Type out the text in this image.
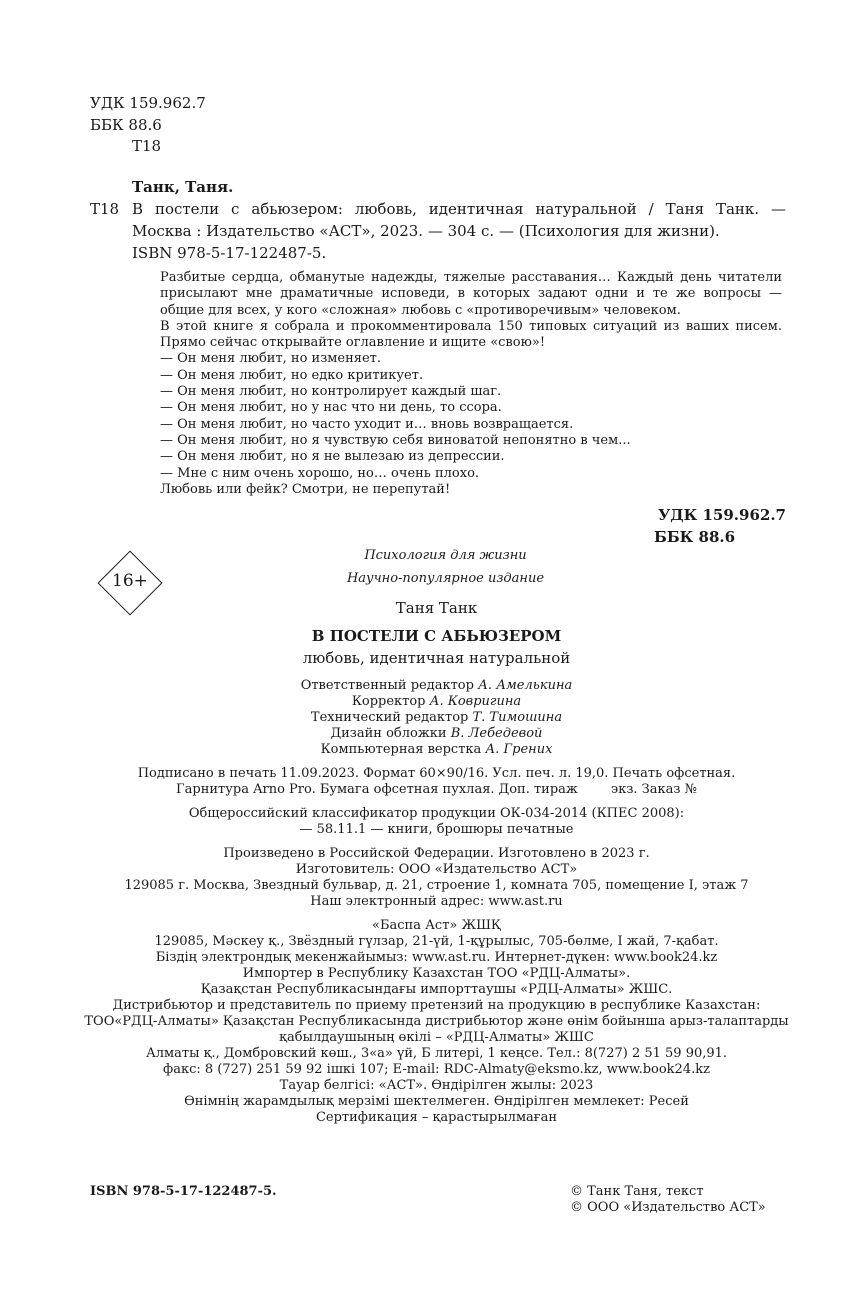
УДК 159.962.7
ББК 88.6
Т18
Танк, Таня.
Т18 В постели с абьюзером: любовь, идентичная натуральной / Таня Танк. —
Москва : Издательство «АСТ», 2023. — 304 с. — (Психология для жизни).
ISBN 978-5-17-122487-5.

Разбитые сердца, обманутые надежды, тяжелые расставания… Каждый день читатели присылают мне драматичные исповеди, в которых задают одни и те же вопросы — общие для всех, у кого «сложная» любовь с «противоречивым» человеком.

В этой книге я собрала и прокомментировала 150 типовых ситуаций из ваших писем. Прямо сейчас открывайте оглавление и ищите «свою»!

— Он меня любит, но изменяет.

— Он меня любит, но едко критикует.

— Он меня любит, но контролирует каждый шаг.

— Он меня любит, но у нас что ни день, то ссора.

— Он меня любит, но часто уходит и… вновь возвращается.

— Он меня любит, но я чувствую себя виноватой непонятно в чем...

— Он меня любит, но я не вылезаю из депрессии.

— Мне с ним очень хорошо, но… очень плохо.

Любовь или фейк? Смотри, не перепутай!

УДК 159.962.7
ББК 88.6
16+
Психология для жизни
Научно-популярное издание
Таня Танк
В ПОСТЕЛИ С АБЬЮЗЕРОМ
любовь, идентичная натуральной
Ответственный редактор А. Амелькина
Корректор А. Ковригина
Технический редактор Т. Тимошина
Дизайн обложки В. Лебедевой
Компьютерная верстка А. Грених
Подписано в печать 11.09.2023. Формат 60×90/16. Усл. печ. л. 19,0. Печать офсетная.
Гарнитура Arno Pro. Бумага офсетная пухлая. Доп. тираж        экз. Заказ №
Общероссийский классификатор продукции ОК-034-2014 (КПЕС 2008):
— 58.11.1 — книги, брошюры печатные
Произведено в Российской Федерации. Изготовлено в 2023 г.
Изготовитель: ООО «Издательство АСТ»
129085 г. Москва, Звездный бульвар, д. 21, строение 1, комната 705, помещение I, этаж 7
Наш электронный адрес: www.ast.ru
«Баспа Аст» ЖШҚ
129085, Мәскеу қ., Звёздный гүлзар, 21-үй, 1-құрылыс, 705-бөлме, I жай, 7-қабат.
Біздің электрондық мекенжайымыз: www.ast.ru. Интернет-дүкен: www.book24.kz
Импортер в Республику Казахстан ТОО «РДЦ-Алматы».
Қазақстан Республикасындағы импорттаушы «РДЦ-Алматы» ЖШС.
Дистрибьютор и представитель по приему претензий на продукцию в республике Казахстан:
ТОО«РДЦ-Алматы» Қазақстан Республикасында дистрибьютор және өнім бойынша арыз-талаптарды
қабылдаушының өкілі – «РДЦ-Алматы» ЖШС
Алматы қ., Домбровский көш., 3«а» үй, Б литері, 1 кеңсе. Тел.: 8(727) 2 51 59 90,91.
факс: 8 (727) 251 59 92 ішкі 107; E-mail: RDC-Almaty@eksmo.kz, www.book24.kz
Тауар белгісі: «АСТ». Өндірілген жылы: 2023
Өнімнің жарамдылық мерзімі шектелмеген. Өндірілген мемлекет: Ресей
Сертификация – қарастырылмаған
ISBN 978-5-17-122487-5.	© Танк Таня, текст
© ООО «Издательство АСТ»
